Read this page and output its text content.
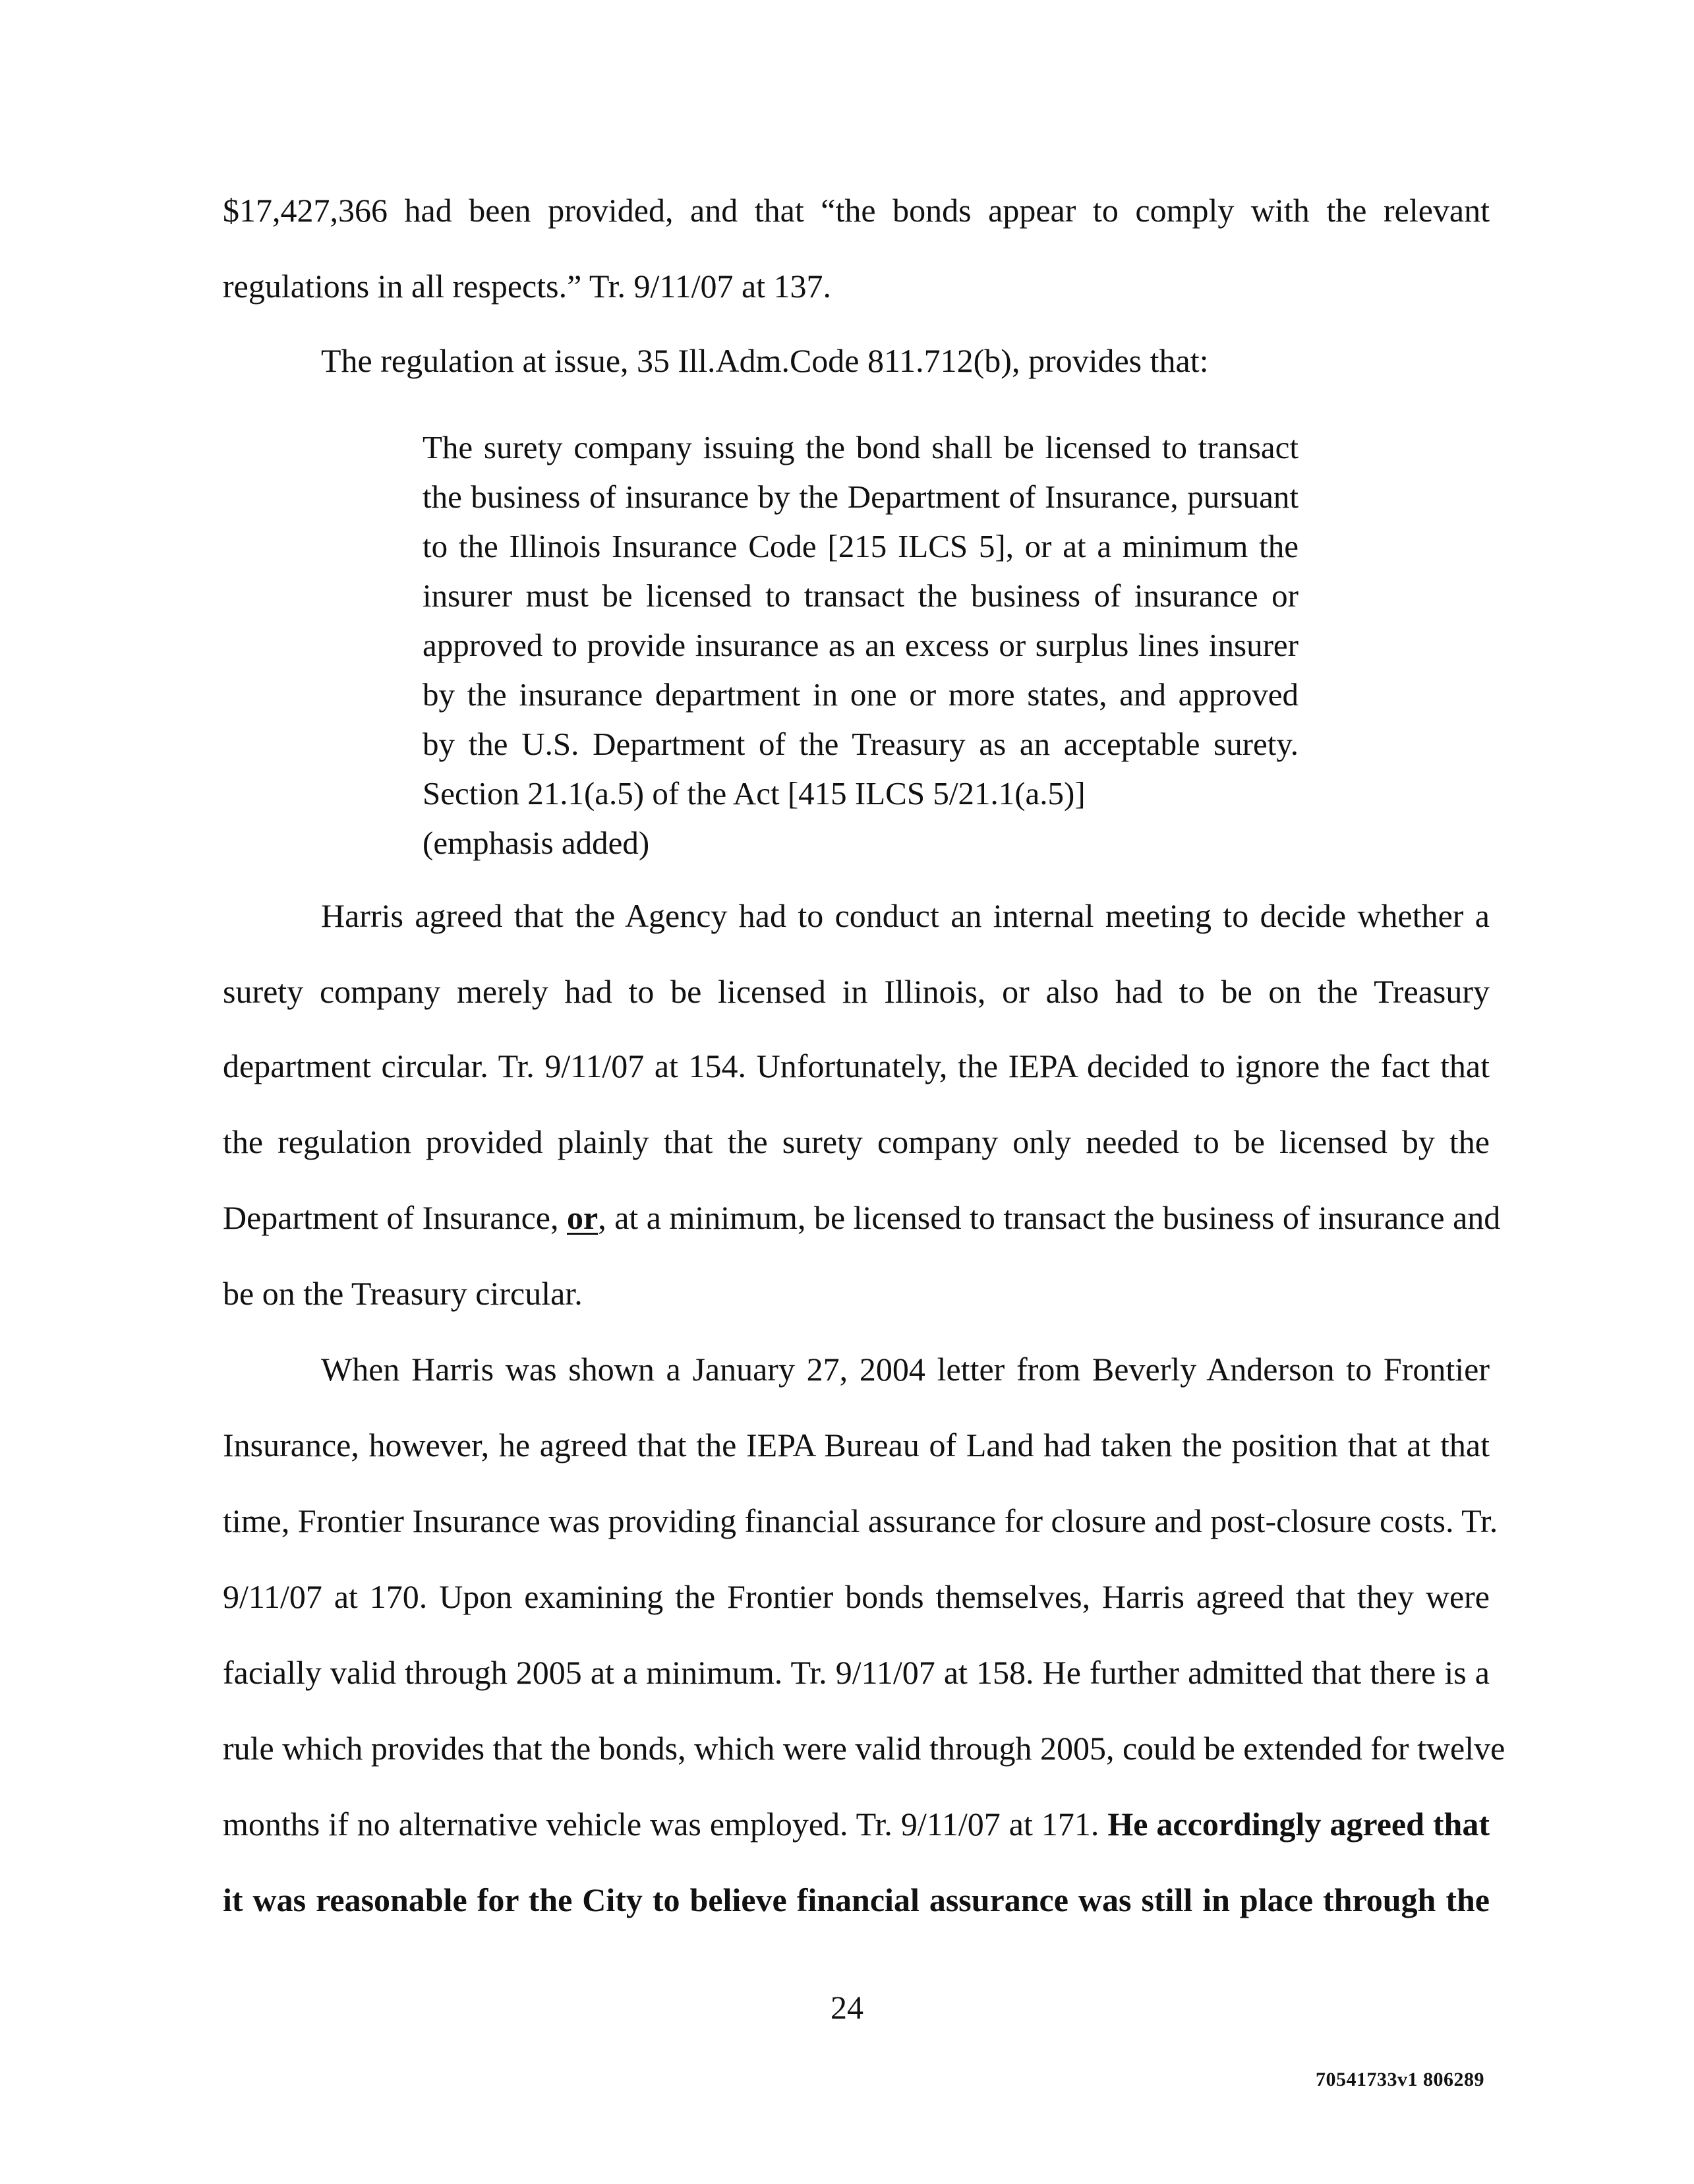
$17,427,366 had been provided, and that “the bonds appear to comply with the relevant
regulations in all respects.” Tr. 9/11/07 at 137.
The regulation at issue, 35 Ill.Adm.Code 811.712(b), provides that:
The surety company issuing the bond shall be licensed to transact
the business of insurance by the Department of Insurance, pursuant
to the Illinois Insurance Code [215 ILCS 5], or at a minimum the
insurer must be licensed to transact the business of insurance or
approved to provide insurance as an excess or surplus lines insurer
by the insurance department in one or more states, and approved
by the U.S. Department of the Treasury as an acceptable surety.
Section 21.1(a.5) of the Act [415 ILCS 5/21.1(a.5)]
(emphasis added)
Harris agreed that the Agency had to conduct an internal meeting to decide whether a
surety company merely had to be licensed in Illinois, or also had to be on the Treasury
department circular. Tr. 9/11/07 at 154. Unfortunately, the IEPA decided to ignore the fact that
the regulation provided plainly that the surety company only needed to be licensed by the
Department of Insurance, or, at a minimum, be licensed to transact the business of insurance and
be on the Treasury circular.
When Harris was shown a January 27, 2004 letter from Beverly Anderson to Frontier
Insurance, however, he agreed that the IEPA Bureau of Land had taken the position that at that
time, Frontier Insurance was providing financial assurance for closure and post-closure costs. Tr.
9/11/07 at 170. Upon examining the Frontier bonds themselves, Harris agreed that they were
facially valid through 2005 at a minimum. Tr. 9/11/07 at 158. He further admitted that there is a
rule which provides that the bonds, which were valid through 2005, could be extended for twelve
months if no alternative vehicle was employed. Tr. 9/11/07 at 171. He accordingly agreed that
it was reasonable for the City to believe financial assurance was still in place through the
24
70541733v1 806289
